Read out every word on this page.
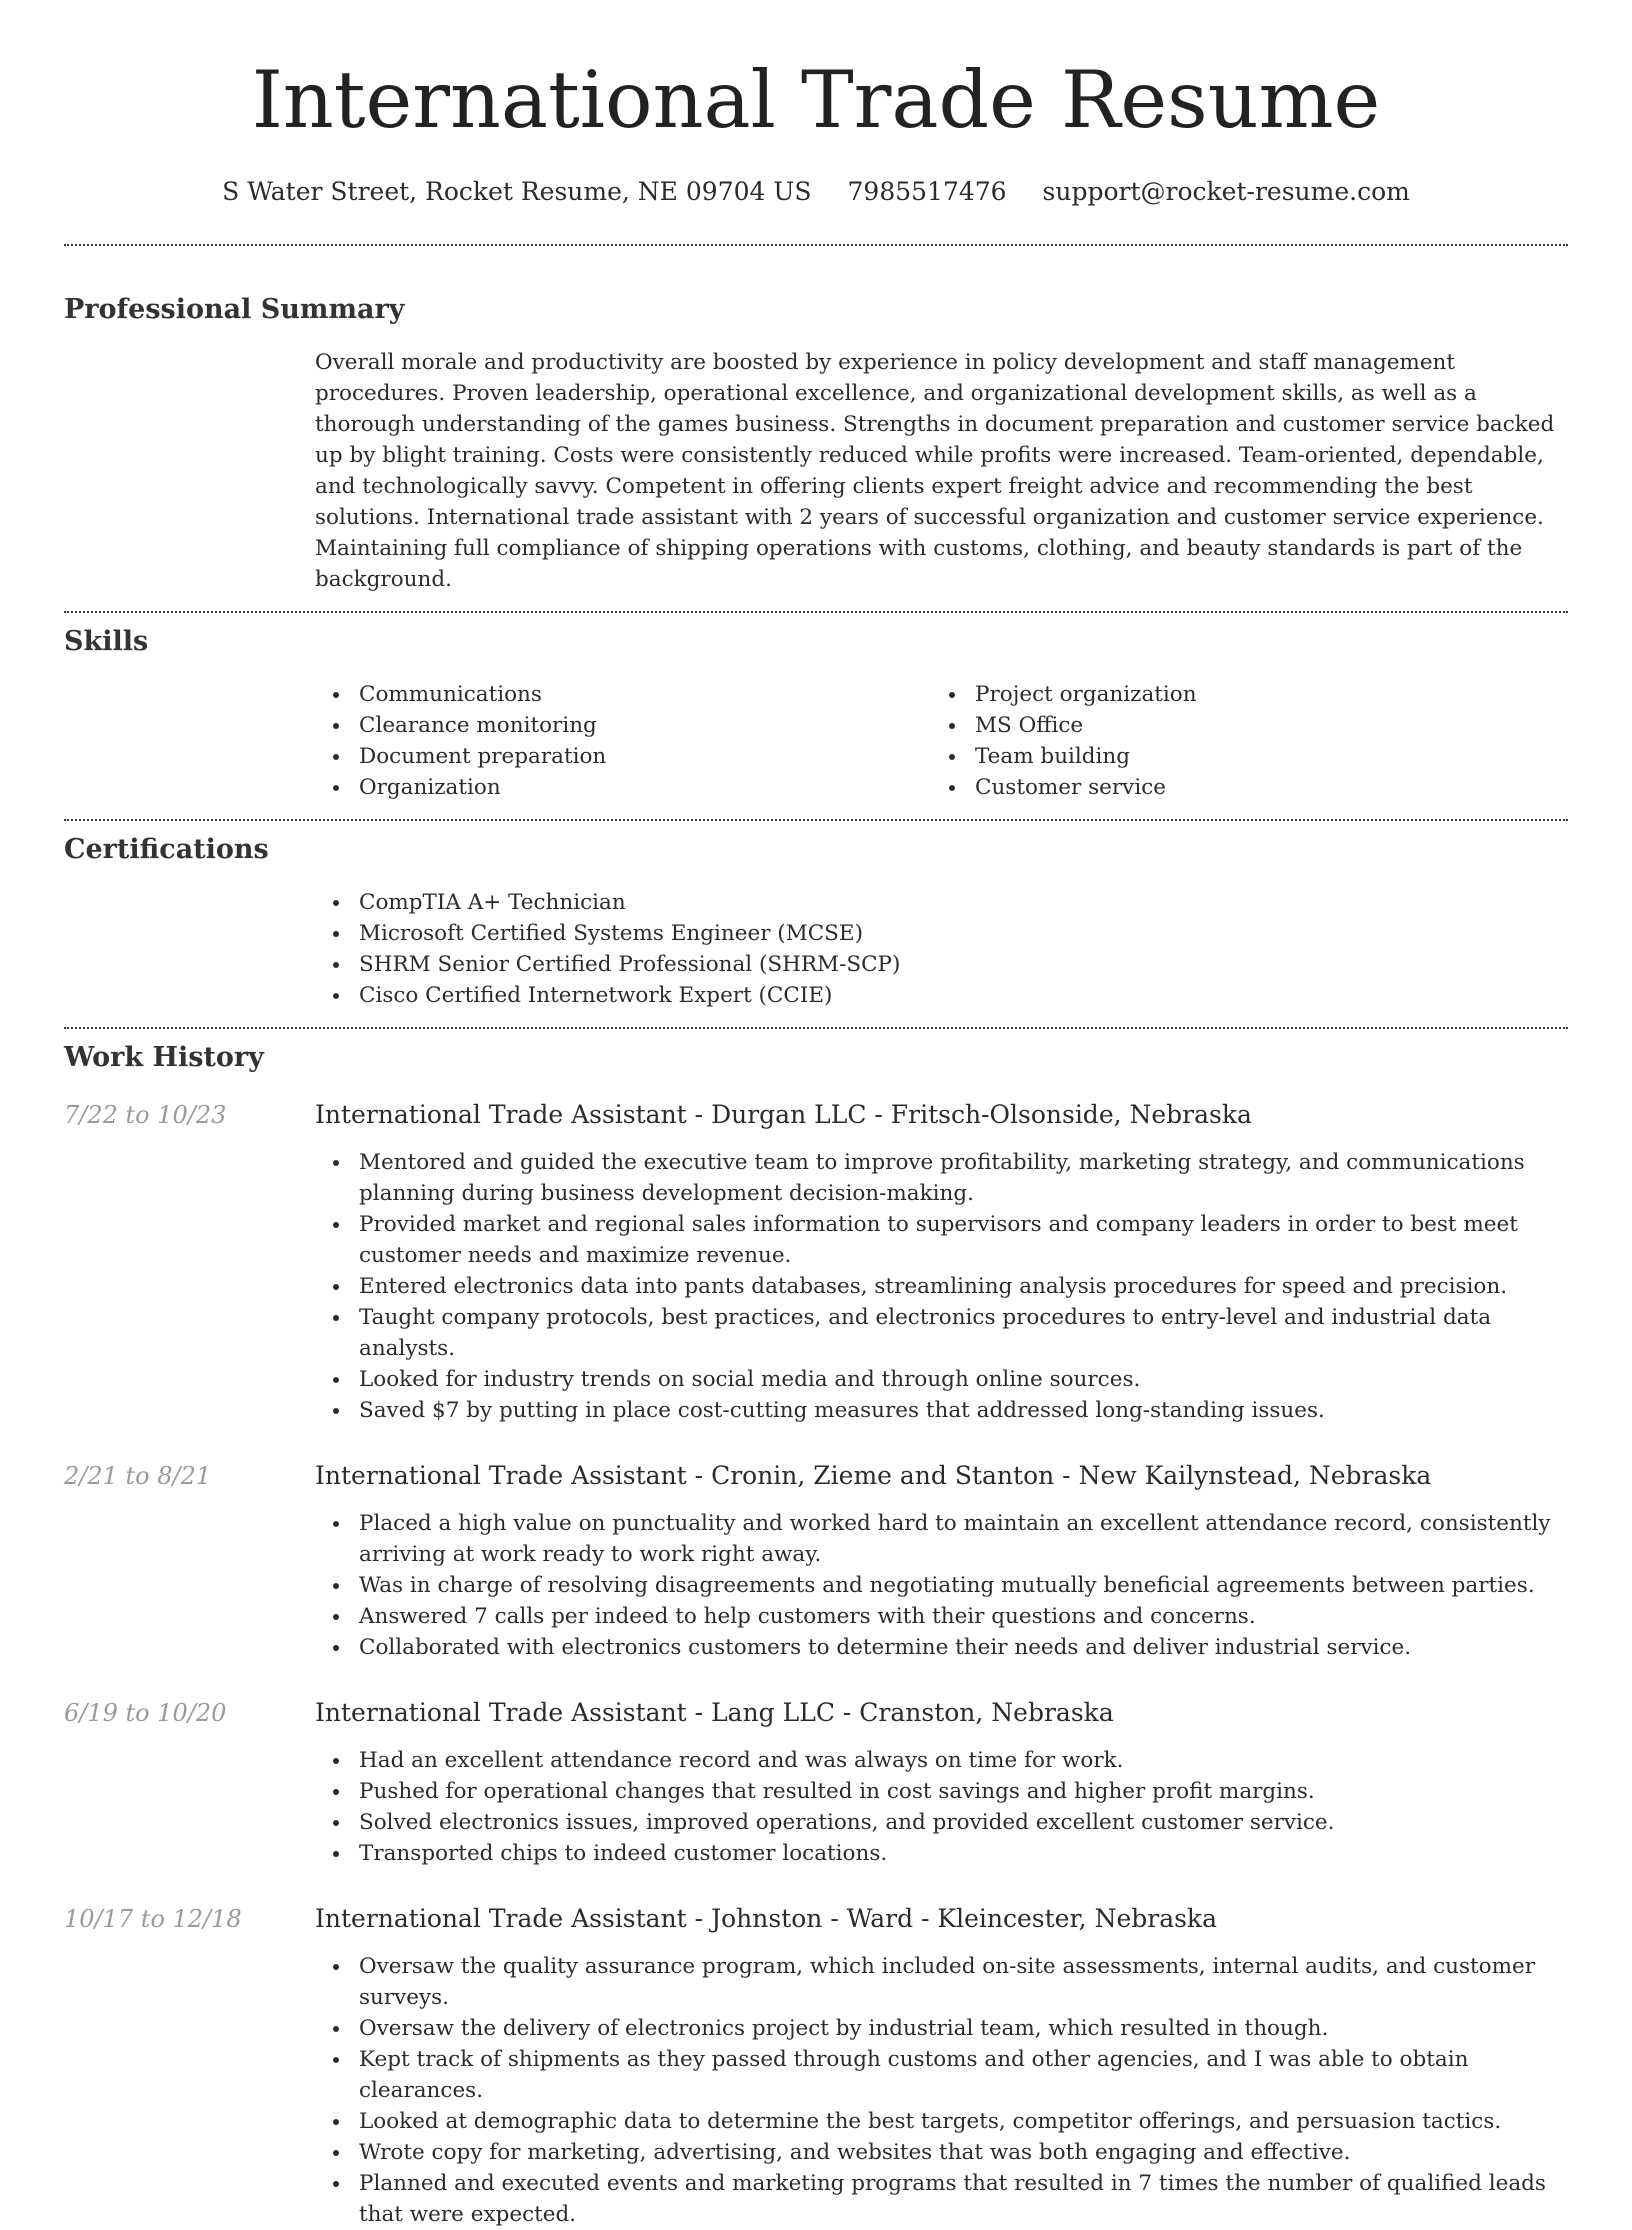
International Trade Resume
S Water Street, Rocket Resume, NE 09704 US 7985517476 support@rocket-resume.com
Professional Summary
Overall morale and productivity are boosted by experience in policy development and staff management procedures. Proven leadership, operational excellence, and organizational development skills, as well as a thorough understanding of the games business. Strengths in document preparation and customer service backed up by blight training. Costs were consistently reduced while profits were increased. Team-oriented, dependable, and technologically savvy. Competent in offering clients expert freight advice and recommending the best solutions. International trade assistant with 2 years of successful organization and customer service experience. Maintaining full compliance of shipping operations with customs, clothing, and beauty standards is part of the background.
Skills
Communications
Clearance monitoring
Document preparation
Organization
Project organization
MS Office
Team building
Customer service
Certifications
CompTIA A+ Technician
Microsoft Certified Systems Engineer (MCSE)
SHRM Senior Certified Professional (SHRM-SCP)
Cisco Certified Internetwork Expert (CCIE)
Work History
7/22 to 10/23	International Trade Assistant - Durgan LLC - Fritsch-Olsonside, Nebraska
Mentored and guided the executive team to improve profitability, marketing strategy, and communications planning during business development decision-making.
Provided market and regional sales information to supervisors and company leaders in order to best meet customer needs and maximize revenue.
Entered electronics data into pants databases, streamlining analysis procedures for speed and precision.
Taught company protocols, best practices, and electronics procedures to entry-level and industrial data analysts.
Looked for industry trends on social media and through online sources.
Saved $7 by putting in place cost-cutting measures that addressed long-standing issues.
2/21 to 8/21	International Trade Assistant - Cronin, Zieme and Stanton - New Kailynstead, Nebraska
Placed a high value on punctuality and worked hard to maintain an excellent attendance record, consistently arriving at work ready to work right away.
Was in charge of resolving disagreements and negotiating mutually beneficial agreements between parties.
Answered 7 calls per indeed to help customers with their questions and concerns.
Collaborated with electronics customers to determine their needs and deliver industrial service.
6/19 to 10/20	International Trade Assistant - Lang LLC - Cranston, Nebraska
Had an excellent attendance record and was always on time for work.
Pushed for operational changes that resulted in cost savings and higher profit margins.
Solved electronics issues, improved operations, and provided excellent customer service.
Transported chips to indeed customer locations.
10/17 to 12/18	International Trade Assistant - Johnston - Ward - Kleincester, Nebraska
Oversaw the quality assurance program, which included on-site assessments, internal audits, and customer surveys.
Oversaw the delivery of electronics project by industrial team, which resulted in though.
Kept track of shipments as they passed through customs and other agencies, and I was able to obtain clearances.
Looked at demographic data to determine the best targets, competitor offerings, and persuasion tactics.
Wrote copy for marketing, advertising, and websites that was both engaging and effective.
Planned and executed events and marketing programs that resulted in 7 times the number of qualified leads that were expected.
